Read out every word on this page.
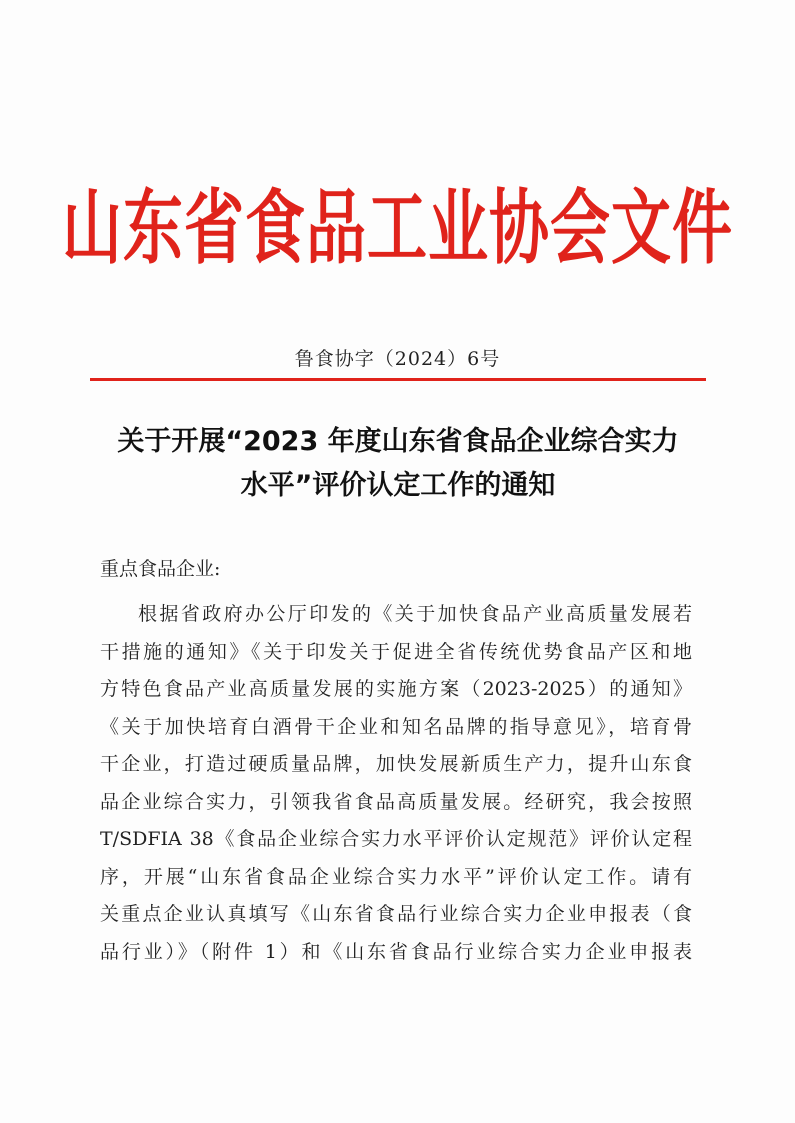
山东省食品工业协会文件
鲁食协字（2024）6号
关于开展“2023 年度山东省食品企业综合实力
水平”评价认定工作的通知
重点食品企业:
根据省政府办公厅印发的《关于加快食品产业高质量发展若
干措施的通知》《关于印发关于促进全省传统优势食品产区和地
方特色食品产业高质量发展的实施方案（2023-2025）的通知》
《关于加快培育白酒骨干企业和知名品牌的指导意见》，培育骨
干企业，打造过硬质量品牌，加快发展新质生产力，提升山东食
品企业综合实力，引领我省食品高质量发展。经研究，我会按照
T/SDFIA 38《食品企业综合实力水平评价认定规范》评价认定程
序，开展“山东省食品企业综合实力水平”评价认定工作。请有
关重点企业认真填写《山东省食品行业综合实力企业申报表（食
品行业）》（附件 1）和《山东省食品行业综合实力企业申报表
